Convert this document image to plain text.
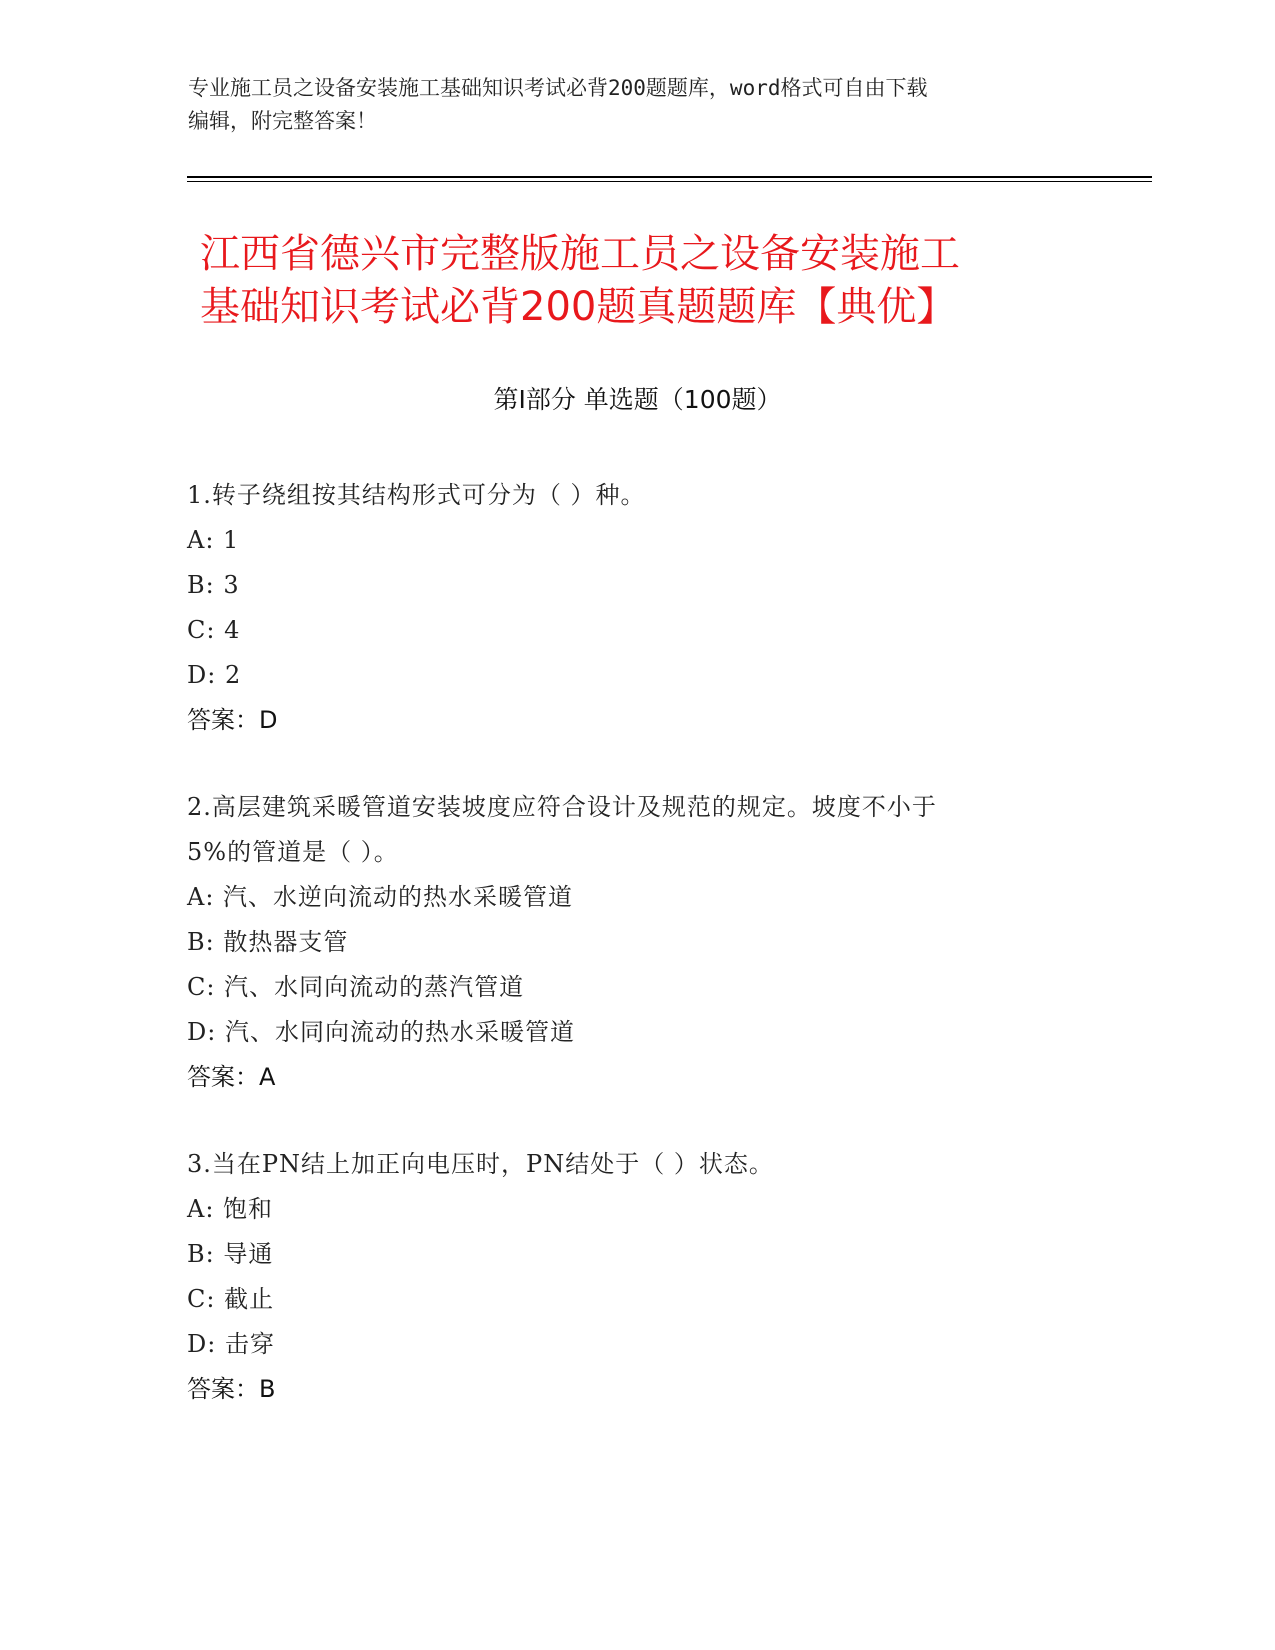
专业施工员之设备安装施工基础知识考试必背200题题库，word格式可自由下载
编辑，附完整答案！
江西省德兴市完整版施工员之设备安装施工
基础知识考试必背200题真题题库【典优】
第Ⅰ部分 单选题（100题）
1.转子绕组按其结构形式可分为（ ）种。
A: 1
B: 3
C: 4
D: 2
答案：D
2.高层建筑采暖管道安装坡度应符合设计及规范的规定。坡度不小于
5%的管道是（ ）。
A: 汽、水逆向流动的热水采暖管道
B: 散热器支管
C: 汽、水同向流动的蒸汽管道
D: 汽、水同向流动的热水采暖管道
答案：A
3.当在PN结上加正向电压时，PN结处于（ ）状态。
A: 饱和
B: 导通
C: 截止
D: 击穿
答案：B
